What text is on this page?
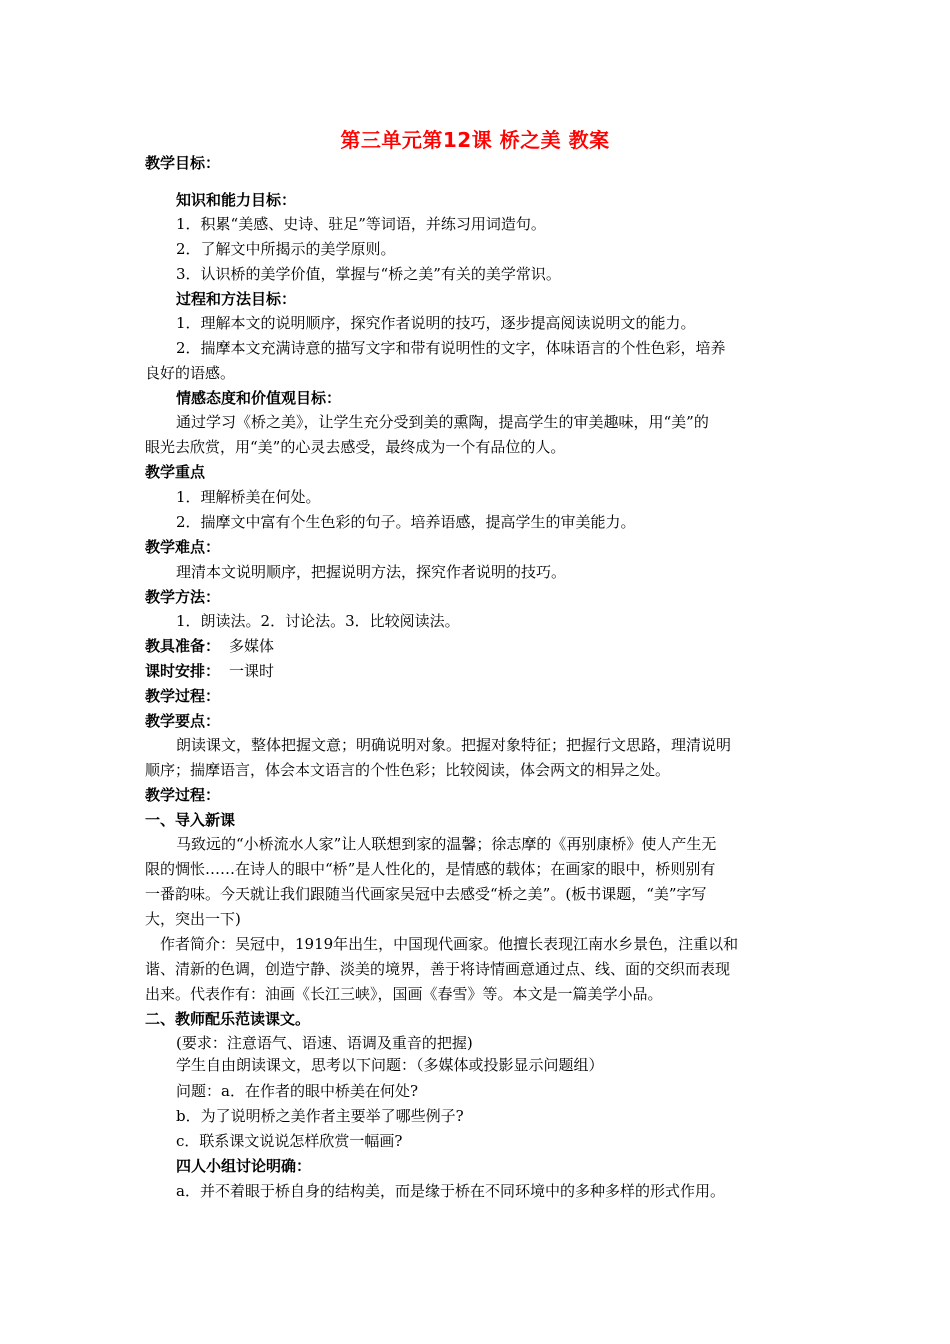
第三单元第12课 桥之美 教案
教学目标：
知识和能力目标：
1．积累“美感、史诗、驻足”等词语，并练习用词造句。
2．了解文中所揭示的美学原则。
3．认识桥的美学价值，掌握与“桥之美”有关的美学常识。
过程和方法目标：
1．理解本文的说明顺序，探究作者说明的技巧，逐步提高阅读说明文的能力。
2．揣摩本文充满诗意的描写文字和带有说明性的文字，体味语言的个性色彩，培养
良好的语感。
情感态度和价值观目标：
通过学习《桥之美》，让学生充分受到美的熏陶，提高学生的审美趣味，用“美”的
眼光去欣赏，用“美”的心灵去感受，最终成为一个有品位的人。
教学重点
1．理解桥美在何处。
2．揣摩文中富有个生色彩的句子。培养语感，提高学生的审美能力。
教学难点：
理清本文说明顺序，把握说明方法，探究作者说明的技巧。
教学方法：
1．朗读法。2．讨论法。3．比较阅读法。
教具准备： 多媒体
课时安排： 一课时
教学过程：
教学要点：
朗读课文，整体把握文意；明确说明对象。把握对象特征；把握行文思路，理清说明
顺序；揣摩语言，体会本文语言的个性色彩；比较阅读，体会两文的相异之处。
教学过程：
一、导入新课
马致远的“小桥流水人家”让人联想到家的温馨；徐志摩的《再别康桥》使人产生无
限的惆怅……在诗人的眼中“桥”是人性化的，是情感的载体；在画家的眼中，桥则别有
一番韵味。今天就让我们跟随当代画家吴冠中去感受“桥之美”。(板书课题，“美”字写
大，突出一下)
作者简介：吴冠中，1919年出生，中国现代画家。他擅长表现江南水乡景色，注重以和
谐、清新的色调，创造宁静、淡美的境界，善于将诗情画意通过点、线、面的交织而表现
出来。代表作有：油画《长江三峡》，国画《春雪》等。本文是一篇美学小品。
二、教师配乐范读课文。
(要求：注意语气、语速、语调及重音的把握)
学生自由朗读课文，思考以下问题：（多媒体或投影显示问题组）
问题：a．在作者的眼中桥美在何处?
b．为了说明桥之美作者主要举了哪些例子?
c．联系课文说说怎样欣赏一幅画?
四人小组讨论明确：
a．并不着眼于桥自身的结构美，而是缘于桥在不同环境中的多种多样的形式作用。
